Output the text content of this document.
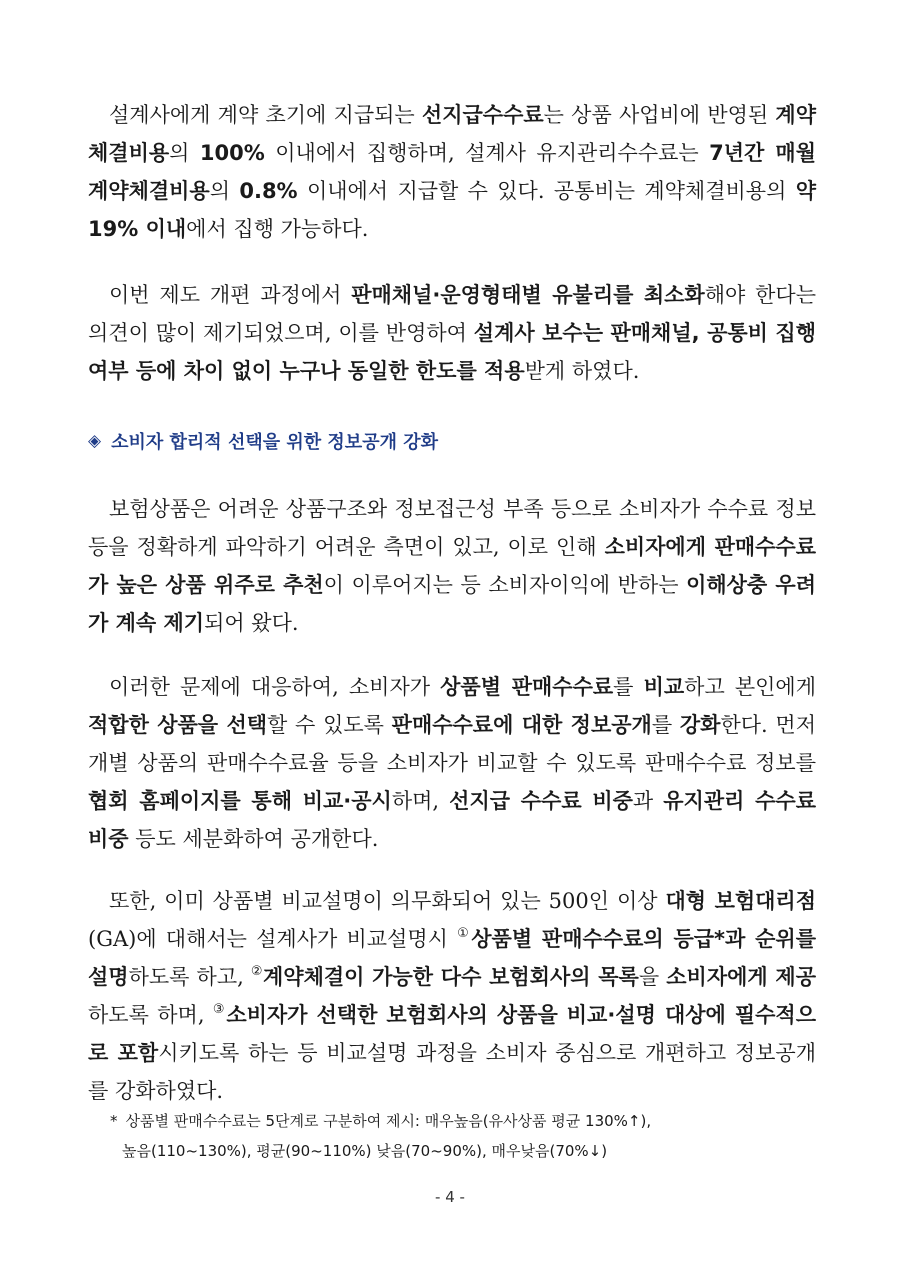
설계사에게 계약 초기에 지급되는 선지급수수료는 상품 사업비에 반영된 계약체결비용의 100% 이내에서 집행하며, 설계사 유지관리수수료는 7년간 매월 계약체결비용의 0.8% 이내에서 지급할 수 있다. 공통비는 계약체결비용의 약 19% 이내에서 집행 가능하다.

이번 제도 개편 과정에서 판매채널·운영형태별 유불리를 최소화해야 한다는 의견이 많이 제기되었으며, 이를 반영하여 설계사 보수는 판매채널, 공통비 집행여부 등에 차이 없이 누구나 동일한 한도를 적용받게 하였다.

◈ 소비자 합리적 선택을 위한 정보공개 강화

보험상품은 어려운 상품구조와 정보접근성 부족 등으로 소비자가 수수료 정보 등을 정확하게 파악하기 어려운 측면이 있고, 이로 인해 소비자에게 판매수수료가 높은 상품 위주로 추천이 이루어지는 등 소비자이익에 반하는 이해상충 우려가 계속 제기되어 왔다.

이러한 문제에 대응하여, 소비자가 상품별 판매수수료를 비교하고 본인에게 적합한 상품을 선택할 수 있도록 판매수수료에 대한 정보공개를 강화한다. 먼저 개별 상품의 판매수수료율 등을 소비자가 비교할 수 있도록 판매수수료 정보를 협회 홈페이지를 통해 비교·공시하며, 선지급 수수료 비중과 유지관리 수수료 비중 등도 세분화하여 공개한다.

또한, 이미 상품별 비교설명이 의무화되어 있는 500인 이상 대형 보험대리점(GA)에 대해서는 설계사가 비교설명시 ①상품별 판매수수료의 등급*과 순위를 설명하도록 하고, ②계약체결이 가능한 다수 보험회사의 목록을 소비자에게 제공하도록 하며, ③소비자가 선택한 보험회사의 상품을 비교·설명 대상에 필수적으로 포함시키도록 하는 등 비교설명 과정을 소비자 중심으로 개편하고 정보공개를 강화하였다.

* 상품별 판매수수료는 5단계로 구분하여 제시: 매우높음(유사상품 평균 130%↑),
높음(110~130%), 평균(90~110%) 낮음(70~90%), 매우낮음(70%↓)
- 4 -
